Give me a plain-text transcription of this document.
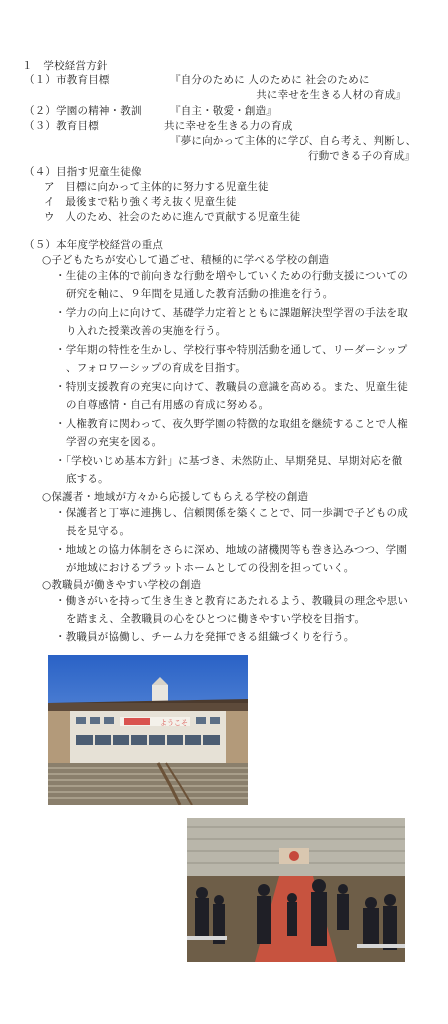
１　学校経営方針
（１）市教育目標	『自分のために 人のために 社会のために
共に幸せを生きる人材の育成』
（２）学園の精神・教訓	『自主・敬愛・創造』
（３）教育目標	共に幸せを生きる力の育成
『夢に向かって主体的に学び、自ら考え、判断し、
行動できる子の育成』
（４）目指す児童生徒像
ア　目標に向かって主体的に努力する児童生徒
イ　最後まで粘り強く考え抜く児童生徒
ウ　人のため、社会のために進んで貢献する児童生徒
（５）本年度学校経営の重点
○子どもたちが安心して過ごせ、積極的に学べる学校の創造
・生徒の主体的で前向きな行動を増やしていくための行動支援についての
研究を軸に、９年間を見通した教育活動の推進を行う。
・学力の向上に向けて、基礎学力定着とともに課題解決型学習の手法を取
り入れた授業改善の実施を行う。
・学年期の特性を生かし、学校行事や特別活動を通して、リーダーシップ
、フォロワーシップの育成を目指す。
・特別支援教育の充実に向けて、教職員の意識を高める。また、児童生徒
の自尊感情・自己有用感の育成に努める。
・人権教育に関わって、夜久野学園の特徴的な取組を継続することで人権
学習の充実を図る。
・「学校いじめ基本方針」に基づき、未然防止、早期発見、早期対応を徹
底する。
○保護者・地域が方々から応援してもらえる学校の創造
・保護者と丁寧に連携し、信頼関係を築くことで、同一歩調で子どもの成
長を見守る。
・地域との協力体制をさらに深め、地域の諸機関等も巻き込みつつ、学園
が地域におけるプラットホームとしての役割を担っていく。
○教職員が働きやすい学校の創造
・働きがいを持って生き生きと教育にあたれるよう、教職員の理念や思い
を踏まえ、全教職員の心をひとつに働きやすい学校を目指す。
・教職員が協働し、チーム力を発揮できる組織づくりを行う。
ようこそ
